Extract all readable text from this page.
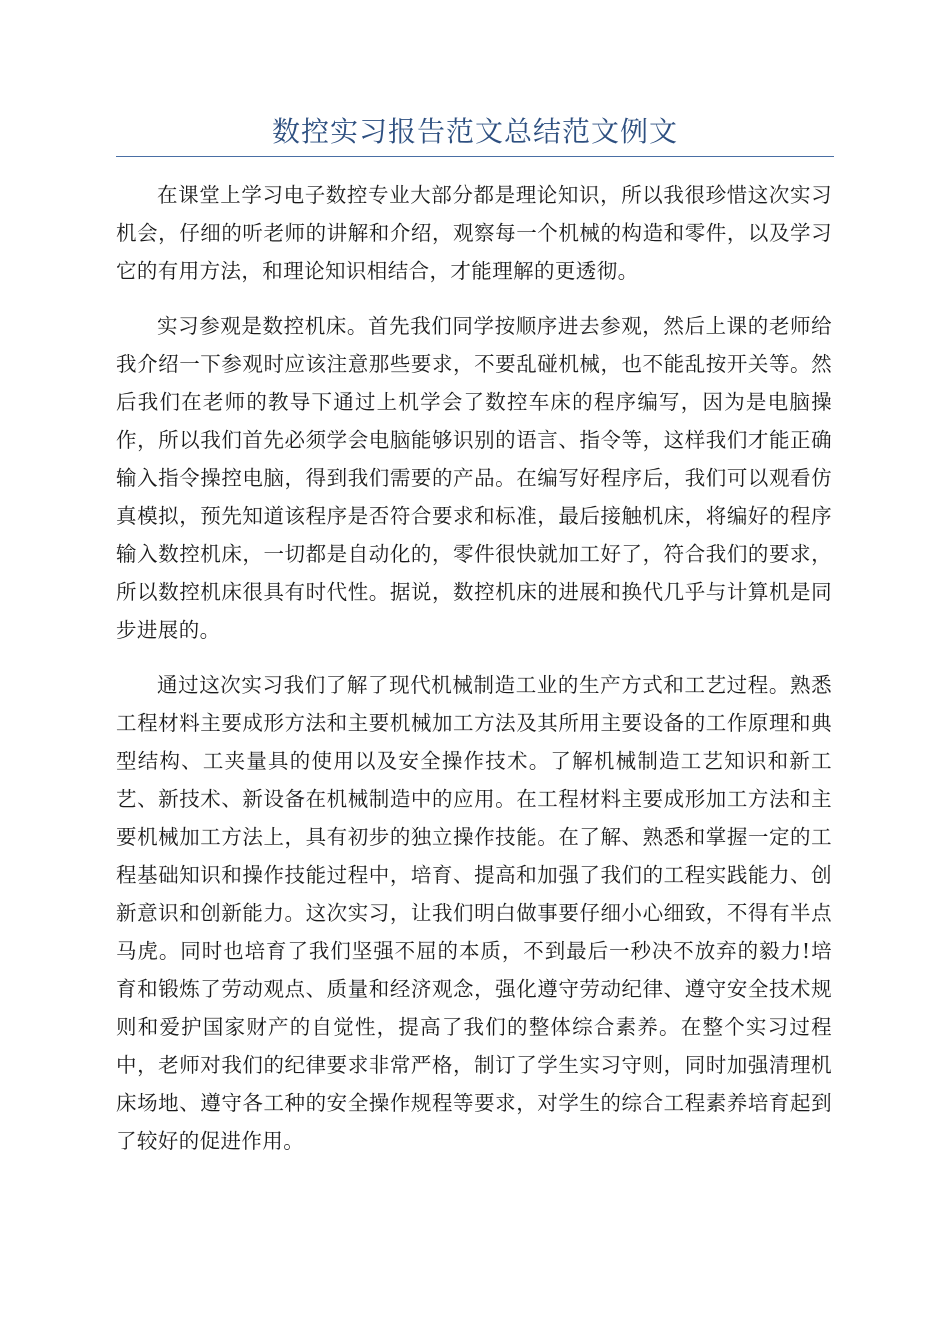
数控实习报告范文总结范文例文

在课堂上学习电子数控专业大部分都是理论知识，所以我很珍惜这次实习机会，仔细的听老师的讲解和介绍，观察每一个机械的构造和零件，以及学习它的有用方法，和理论知识相结合，才能理解的更透彻。

实习参观是数控机床。首先我们同学按顺序进去参观，然后上课的老师给我介绍一下参观时应该注意那些要求，不要乱碰机械，也不能乱按开关等。然后我们在老师的教导下通过上机学会了数控车床的程序编写，因为是电脑操作，所以我们首先必须学会电脑能够识别的语言、指令等，这样我们才能正确输入指令操控电脑，得到我们需要的产品。在编写好程序后，我们可以观看仿真模拟，预先知道该程序是否符合要求和标准，最后接触机床，将编好的程序输入数控机床，一切都是自动化的，零件很快就加工好了，符合我们的要求，所以数控机床很具有时代性。据说，数控机床的进展和换代几乎与计算机是同步进展的。

通过这次实习我们了解了现代机械制造工业的生产方式和工艺过程。熟悉工程材料主要成形方法和主要机械加工方法及其所用主要设备的工作原理和典型结构、工夹量具的使用以及安全操作技术。了解机械制造工艺知识和新工艺、新技术、新设备在机械制造中的应用。在工程材料主要成形加工方法和主要机械加工方法上，具有初步的独立操作技能。在了解、熟悉和掌握一定的工程基础知识和操作技能过程中，培育、提高和加强了我们的工程实践能力、创新意识和创新能力。这次实习，让我们明白做事要仔细小心细致，不得有半点马虎。同时也培育了我们坚强不屈的本质，不到最后一秒决不放弃的毅力!培育和锻炼了劳动观点、质量和经济观念，强化遵守劳动纪律、遵守安全技术规则和爱护国家财产的自觉性，提高了我们的整体综合素养。在整个实习过程中，老师对我们的纪律要求非常严格，制订了学生实习守则，同时加强清理机床场地、遵守各工种的安全操作规程等要求，对学生的综合工程素养培育起到了较好的促进作用。
